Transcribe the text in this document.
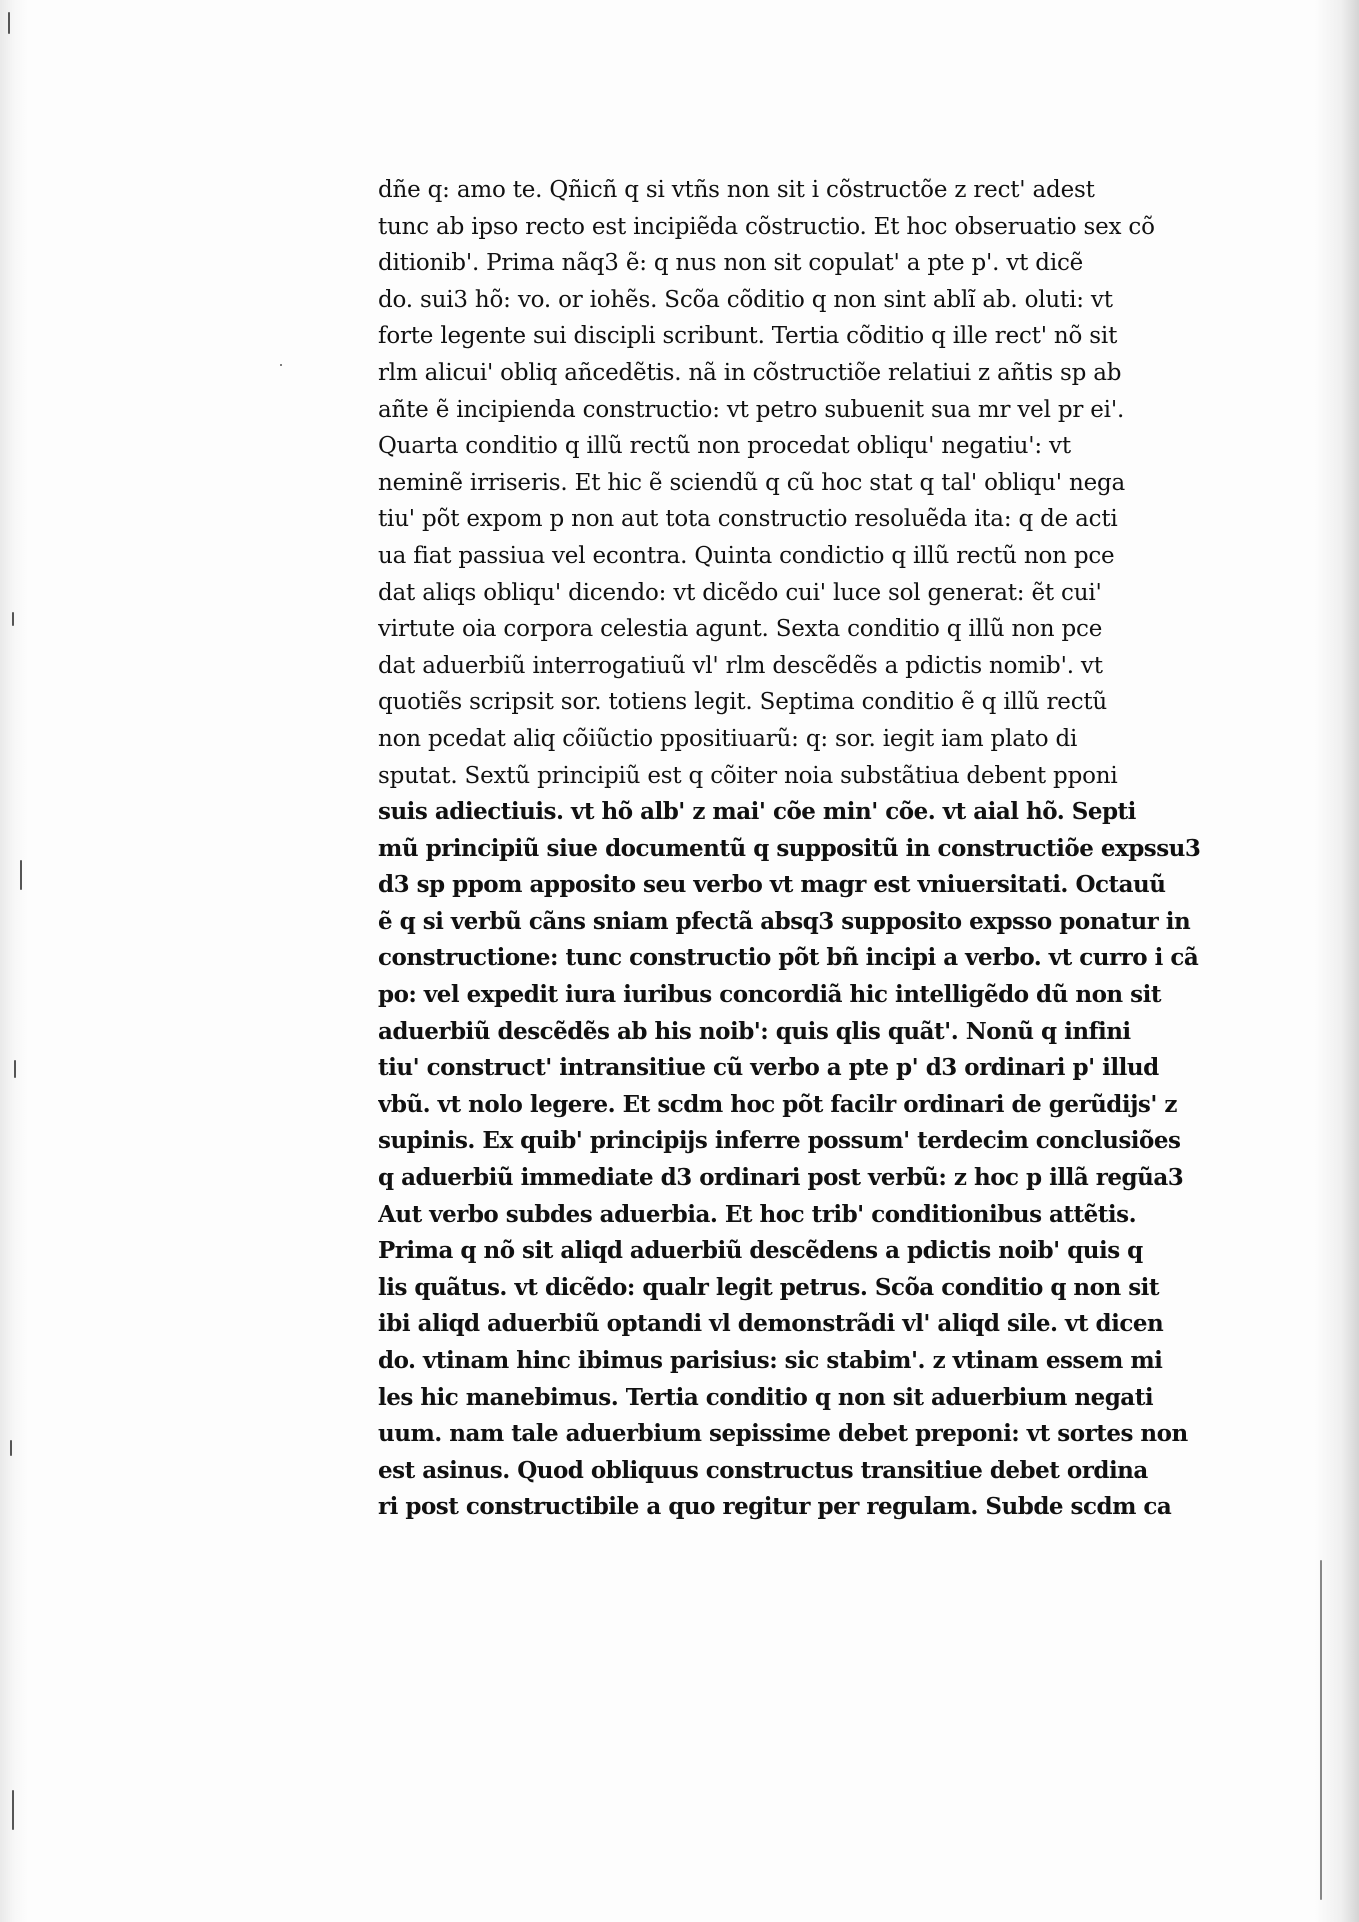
dñe q: amo te. Qñicñ q si vtñs non sit i cõstructõe z rect' adest
tunc ab ipso recto est incipiẽda cõstructio. Et hoc obseruatio sex cõ
ditionib'. Prima nãq3 ẽ: q nus non sit copulat' a pte p'. vt dicẽ
do. sui3 hõ: vo. or iohẽs. Scõa cõditio q non sint ablĩ ab. oluti: vt
forte legente sui discipli scribunt. Tertia cõditio q ille rect' nõ sit
rlm alicui' obliq añcedẽtis. nã in cõstructiõe relatiui z añtis sp ab
añte ẽ incipienda constructio: vt petro subuenit sua mr vel pr ei'.
Quarta conditio q illũ rectũ non procedat obliqu' negatiu': vt
neminẽ irriseris. Et hic ẽ sciendũ q cũ hoc stat q tal' obliqu' nega
tiu' põt expom p non aut tota constructio resoluẽda ita: q de acti
ua fiat passiua vel econtra. Quinta condictio q illũ rectũ non pce
dat aliqs obliqu' dicendo: vt dicẽdo cui' luce sol generat: ẽt cui'
virtute oia corpora celestia agunt. Sexta conditio q illũ non pce
dat aduerbiũ interrogatiuũ vl' rlm descẽdẽs a pdictis nomib'. vt
quotiẽs scripsit sor. totiens legit. Septima conditio ẽ q illũ rectũ
non pcedat aliq cõiũctio ppositiuarũ: q: sor. iegit iam plato di
sputat. Sextũ principiũ est q cõiter noia substãtiua debent pponi
suis adiectiuis. vt hõ alb' z mai' cõe min' cõe. vt aial hõ. Septi
mũ principiũ siue documentũ q suppositũ in constructiõe expssu3
d3 sp ppom apposito seu verbo vt magr est vniuersitati. Octauũ
ẽ q si verbũ cãns sniam pfectã absq3 supposito expsso ponatur in
constructione: tunc constructio põt bñ incipi a verbo. vt curro i cã
po: vel expedit iura iuribus concordiã hic intelligẽdo dũ non sit
aduerbiũ descẽdẽs ab his noib': quis qlis quãt'. Nonũ q infini
tiu' construct' intransitiue cũ verbo a pte p' d3 ordinari p' illud
vbũ. vt nolo legere. Et scdm hoc põt facilr ordinari de gerũdijs' z
supinis. Ex quib' principijs inferre possum' terdecim conclusiões
q aduerbiũ immediate d3 ordinari post verbũ: z hoc p illã regũa3
Aut verbo subdes aduerbia. Et hoc trib' conditionibus attẽtis.
Prima q nõ sit aliqd aduerbiũ descẽdens a pdictis noib' quis q
lis quãtus. vt dicẽdo: qualr legit petrus. Scõa conditio q non sit
ibi aliqd aduerbiũ optandi vl demonstrãdi vl' aliqd sile. vt dicen
do. vtinam hinc ibimus parisius: sic stabim'. z vtinam essem mi
les hic manebimus. Tertia conditio q non sit aduerbium negati
uum. nam tale aduerbium sepissime debet preponi: vt sortes non
est asinus. Quod obliquus constructus transitiue debet ordina
ri post constructibile a quo regitur per regulam. Subde scdm ca
